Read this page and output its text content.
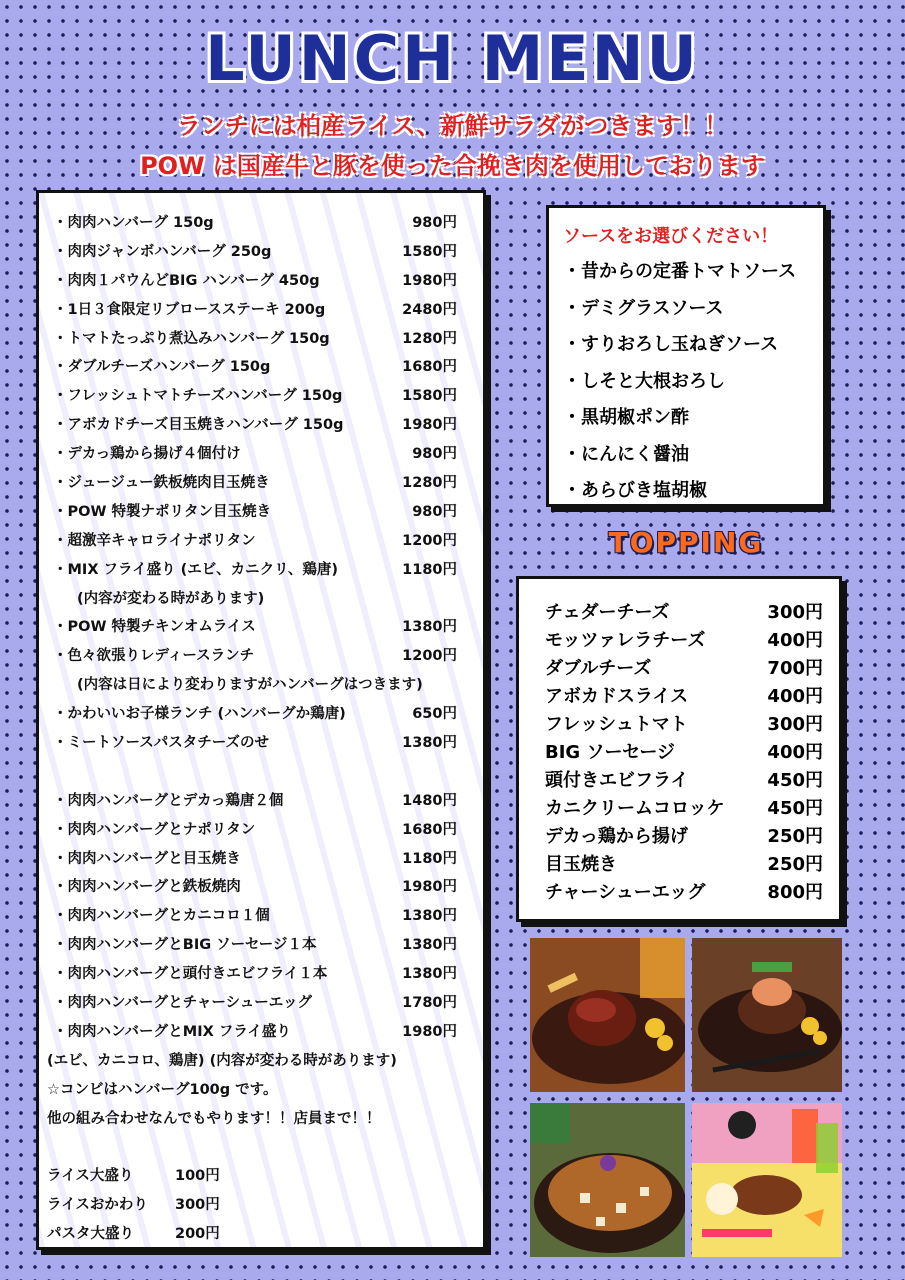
LUNCH MENU
ランチには柏産ライス、新鮮サラダがつきます！！
POW は国産牛と豚を使った合挽き肉を使用しております
・肉肉ハンバーグ 150g	980円
・肉肉ジャンボハンバーグ 250g	1580円
・肉肉１パウんどBIG ハンバーグ 450g	1980円
・1日３食限定リブロースステーキ 200g	2480円
・トマトたっぷり煮込みハンバーグ 150g	1280円
・ダブルチーズハンバーグ 150g	1680円
・フレッシュトマトチーズハンバーグ 150g	1580円
・アボカドチーズ目玉焼きハンバーグ 150g	1980円
・デカっ鶏から揚げ４個付け	980円
・ジュージュー鉄板焼肉目玉焼き	1280円
・POW 特製ナポリタン目玉焼き	980円
・超激辛キャロライナポリタン	1200円
・MIX フライ盛り (エビ、カニクリ、鶏唐)	1180円
(内容が変わる時があります)
・POW 特製チキンオムライス	1380円
・色々欲張りレディースランチ	1200円
(内容は日により変わりますがハンバーグはつきます)
・かわいいお子様ランチ (ハンバーグか鶏唐)	650円
・ミートソースパスタチーズのせ	1380円
・肉肉ハンバーグとデカっ鶏唐２個	1480円
・肉肉ハンバーグとナポリタン	1680円
・肉肉ハンバーグと目玉焼き	1180円
・肉肉ハンバーグと鉄板焼肉	1980円
・肉肉ハンバーグとカニコロ１個	1380円
・肉肉ハンバーグとBIG ソーセージ１本	1380円
・肉肉ハンバーグと頭付きエビフライ１本	1380円
・肉肉ハンバーグとチャーシューエッグ	1780円
・肉肉ハンバーグとMIX フライ盛り	1980円
(エビ、カニコロ、鶏唐) (内容が変わる時があります)
☆コンビはハンバーグ100g です。
他の組み合わせなんでもやります！！店員まで！！
ライス大盛り	100円
ライスおかわり	300円
パスタ大盛り	200円
ソースをお選びください！
・昔からの定番トマトソース
・デミグラスソース
・すりおろし玉ねぎソース
・しそと大根おろし
・黒胡椒ポン酢
・にんにく醤油
・あらびき塩胡椒
TOPPING
チェダーチーズ	300円
モッツァレラチーズ	400円
ダブルチーズ	700円
アボカドスライス	400円
フレッシュトマト	300円
BIG ソーセージ	400円
頭付きエビフライ	450円
カニクリームコロッケ 450円
デカっ鶏から揚げ	250円
目玉焼き	250円
チャーシューエッグ	800円
